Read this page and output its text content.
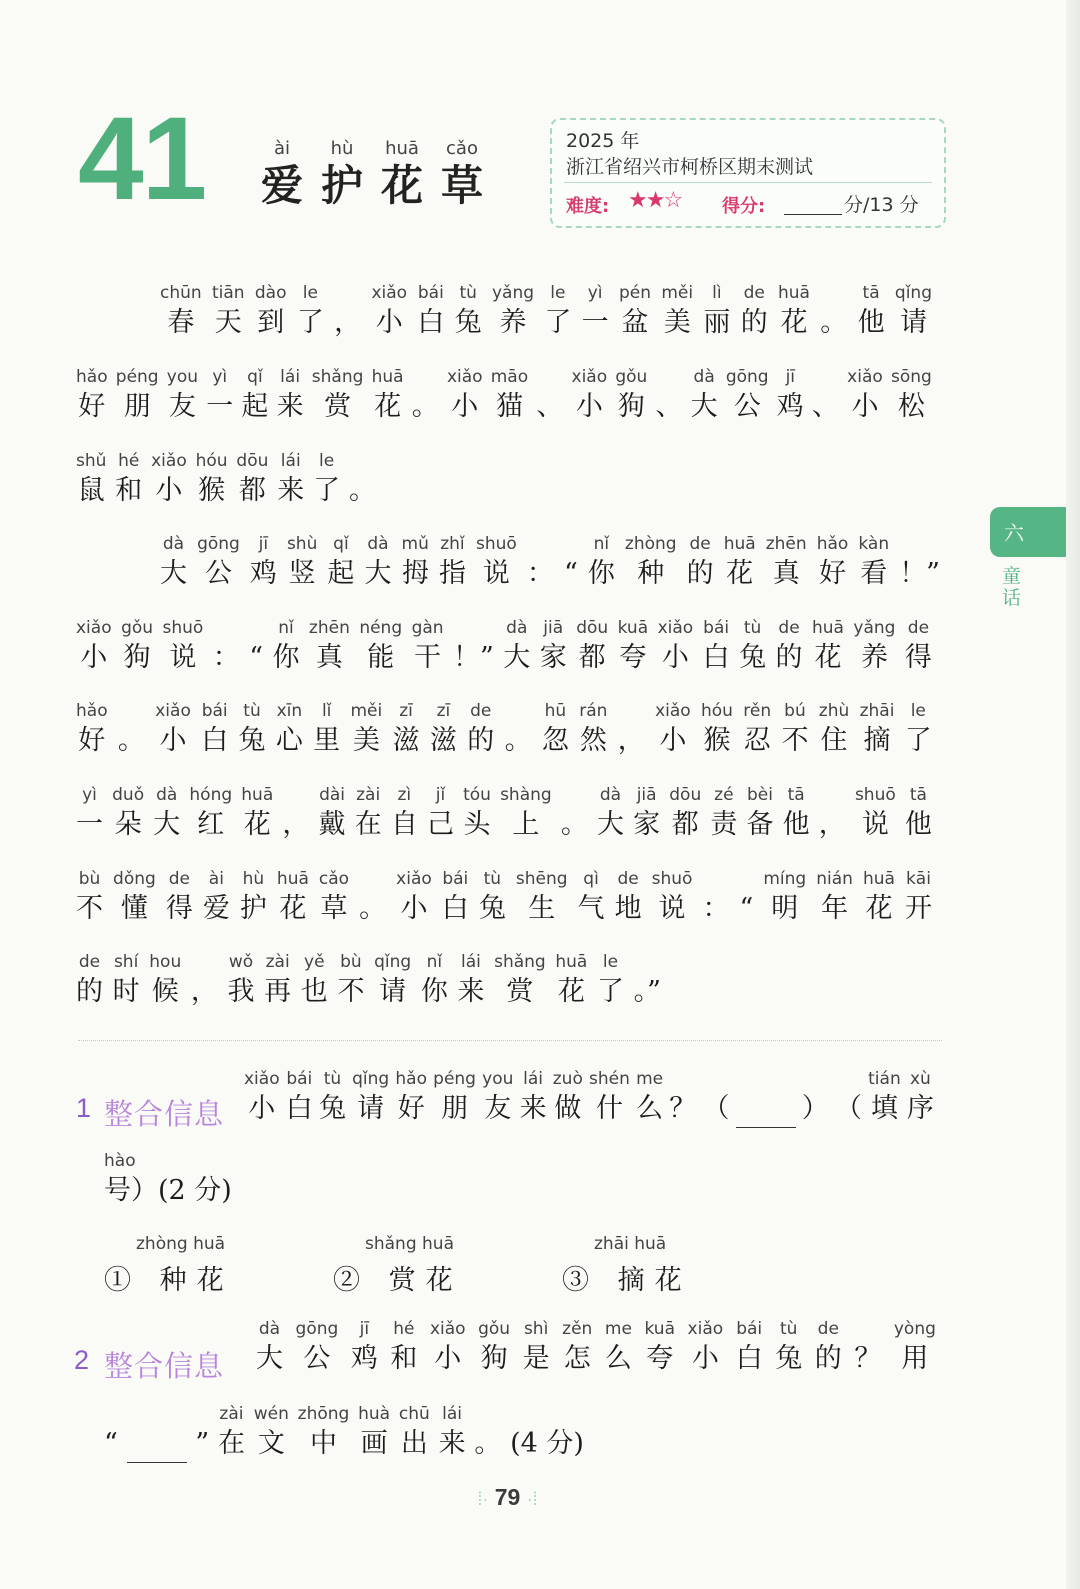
41	ài
爱
hù
护
huā
花
cǎo
草
2025 年
浙江省绍兴市柯桥区期末测试
难度: ★★☆ 得分:	分/13 分
六
童话
chūn
春
tiān
天
dào
到
le
了 ，
xiǎo
小
bái
白
tù
兔
yǎng
养
le
了
yì
一
pén
盆
měi
美
lì
丽
de
的
huā
花 。
tā
他
qǐng
请
hǎo
好
péng
朋
you
友
yì
一
qǐ
起
lái
来
shǎng
赏
huā
花 。
xiǎo
小
māo
猫 、
xiǎo
小
gǒu
狗 、
dà
大
gōng
公
jī
鸡 、
xiǎo
小
sōng
松
shǔ
鼠
hé
和
xiǎo
小
hóu
猴
dōu
都
lái
来
le
了 。
dà
大
gōng
公
jī
鸡
shù
竖
qǐ
起
dà
大
mǔ
拇
zhǐ
指
shuō
说 ： “
nǐ
你
zhòng
种
de
的
huā
花
zhēn
真
hǎo
好
kàn
看 ！”
xiǎo
小
gǒu
狗
shuō
说 ： “
nǐ
你
zhēn
真
néng
能
gàn
干 ！”
dà
大
jiā
家
dōu
都
kuā
夸
xiǎo
小
bái
白
tù
兔
de
的
huā
花
yǎng
养
de
得
hǎo
好 。
xiǎo
小
bái
白
tù
兔
xīn
心
lǐ
里
měi
美
zī
滋
zī
滋
de
的 。
hū
忽
rán
然 ，
xiǎo
小
hóu
猴
rěn
忍
bú
不
zhù
住
zhāi
摘
le
了
yì
一
duǒ
朵
dà
大
hóng
红
huā
花 ，
dài
戴
zài
在
zì
自
jǐ
己
tóu
头
shàng
上 。
dà
大
jiā
家
dōu
都
zé
责
bèi
备
tā
他 ，
shuō
说
tā
他
bù
不
dǒng
懂
de
得
ài
爱
hù
护
huā
花
cǎo
草 。
xiǎo
小
bái
白
tù
兔
shēng
生
qì
气
de
地
shuō
说 ： “
míng
明
nián
年
huā
花
kāi
开
de
的
shí
时
hou
候 ，
wǒ
我
zài
再
yě
也
bù
不
qǐng
请
nǐ
你
lái
来
shǎng
赏
huā
花
le
了 。”
1 整合信息
xiǎo
小
bái
白
tù
兔
qǐng
请
hǎo
好
péng
朋
you
友
lái
来
zuò
做
shén
什
me
么 ？ （
	） （
tián
填
xù
序
hào
号）(2 分)
zhòng huā
① 种花
shǎng huā
② 赏花
zhāi huā
③ 摘花
2 整合信息
dà
大
gōng
公
jī
鸡
hé
和
xiǎo
小
gǒu
狗
shì
是
zěn
怎
me
么
kuā
夸
xiǎo
小
bái
白
tù
兔
de
的 ？
yòng
用
“
	”
zài
在
wén
文
zhōng
中
huà
画
chū
出
lái
来 。 (4 分)
⁞· 79 ·⁞
